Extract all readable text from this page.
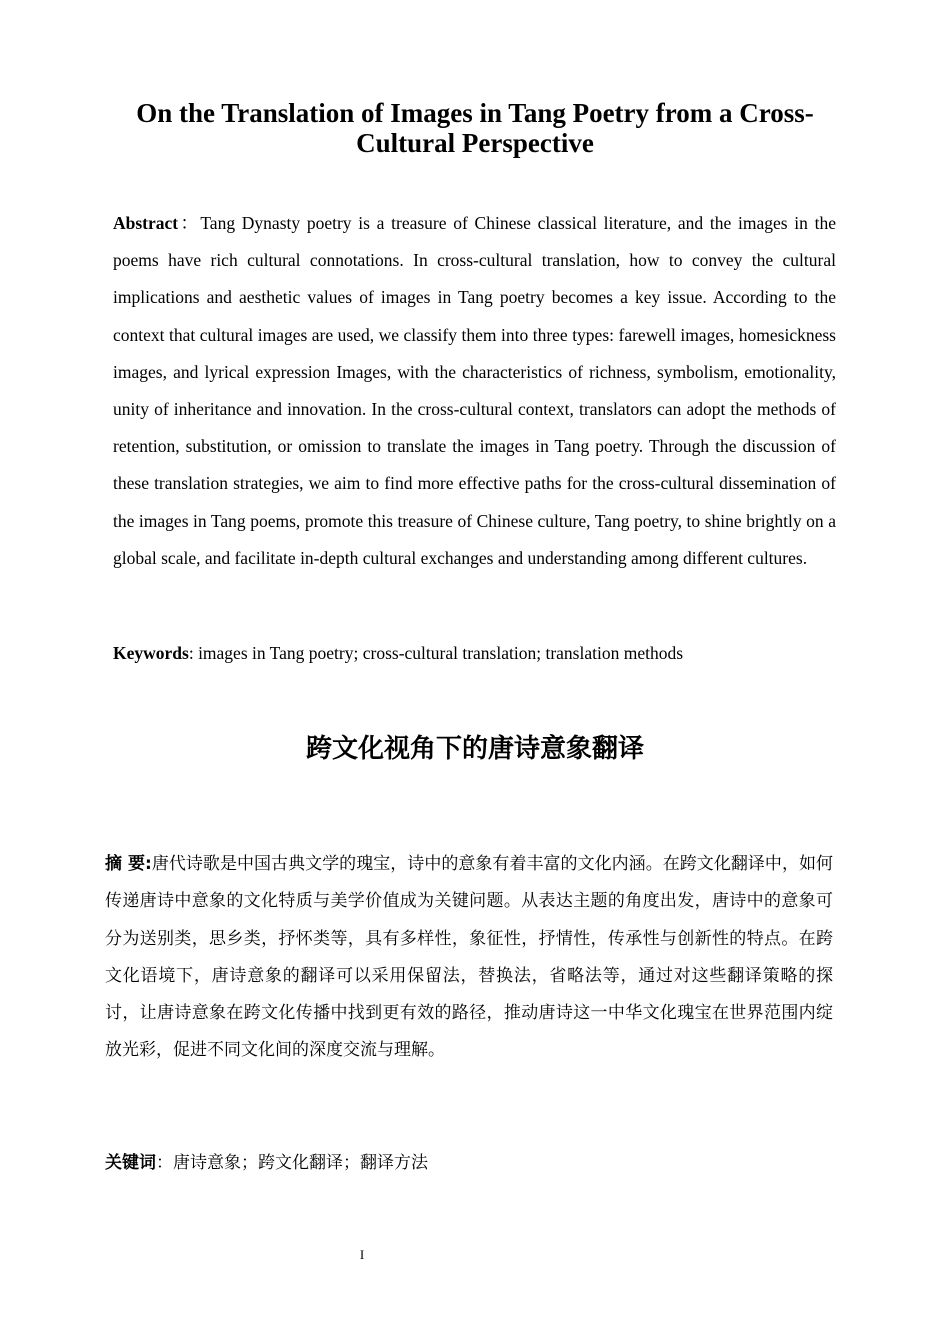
On the Translation of Images in Tang Poetry from a Cross-Cultural Perspective

Abstract：Tang Dynasty poetry is a treasure of Chinese classical literature, and the images in the poems have rich cultural connotations. In cross-cultural translation, how to convey the cultural implications and aesthetic values of images in Tang poetry becomes a key issue. According to the context that cultural images are used, we classify them into three types: farewell images, homesickness images, and lyrical expression Images, with the characteristics of richness, symbolism, emotionality, unity of inheritance and innovation. In the cross-cultural context, translators can adopt the methods of retention, substitution, or omission to translate the images in Tang poetry. Through the discussion of these translation strategies, we aim to find more effective paths for the cross-cultural dissemination of the images in Tang poems, promote this treasure of Chinese culture, Tang poetry, to shine brightly on a global scale, and facilitate in-depth cultural exchanges and understanding among different cultures.

Keywords: images in Tang poetry; cross-cultural translation; translation methods

跨文化视角下的唐诗意象翻译

摘 要:唐代诗歌是中国古典文学的瑰宝，诗中的意象有着丰富的文化内涵。在跨文化翻译中，如何传递唐诗中意象的文化特质与美学价值成为关键问题。从表达主题的角度出发，唐诗中的意象可分为送别类，思乡类，抒怀类等，具有多样性，象征性，抒情性，传承性与创新性的特点。在跨文化语境下，唐诗意象的翻译可以采用保留法，替换法，省略法等，通过对这些翻译策略的探讨，让唐诗意象在跨文化传播中找到更有效的路径，推动唐诗这一中华文化瑰宝在世界范围内绽放光彩，促进不同文化间的深度交流与理解。

关键词：唐诗意象；跨文化翻译；翻译方法

I
